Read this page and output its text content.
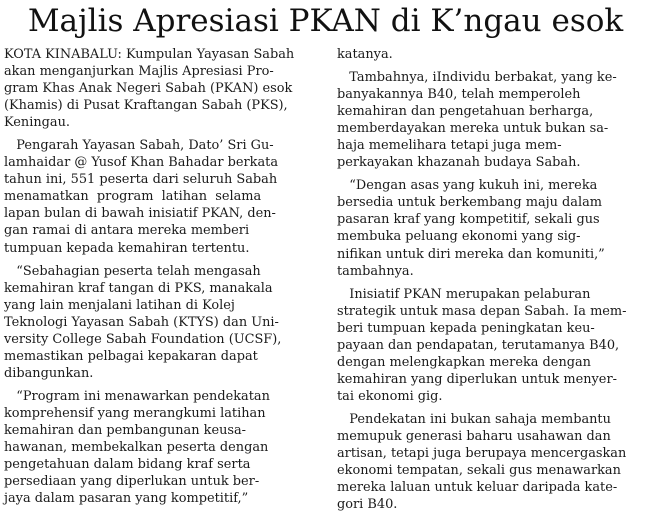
Majlis Apresiasi PKAN di K’ngau esok

KOTA KINABALU: Kumpulan Yayasan Sabah
akan menganjurkan Majlis Apresiasi Pro-
gram Khas Anak Negeri Sabah (PKAN) esok
(Khamis) di Pusat Kraftangan Sabah (PKS),
Keningau.

Pengarah Yayasan Sabah, Dato’ Sri Gu-
lamhaidar @ Yusof Khan Bahadar berkata
tahun ini, 551 peserta dari seluruh Sabah
menamatkan  program  latihan  selama
lapan bulan di bawah inisiatif PKAN, den-
gan ramai di antara mereka memberi
tumpuan kepada kemahiran tertentu.

“Sebahagian peserta telah mengasah
kemahiran kraf tangan di PKS, manakala
yang lain menjalani latihan di Kolej
Teknologi Yayasan Sabah (KTYS) dan Uni-
versity College Sabah Foundation (UCSF),
memastikan pelbagai kepakaran dapat
dibangunkan.

“Program ini menawarkan pendekatan
komprehensif yang merangkumi latihan
kemahiran dan pembangunan keusa-
hawanan, membekalkan peserta dengan
pengetahuan dalam bidang kraf serta
persediaan yang diperlukan untuk ber-
jaya dalam pasaran yang kompetitif,”

katanya.

Tambahnya, iIndividu berbakat, yang ke-
banyakannya B40, telah memperoleh
kemahiran dan pengetahuan berharga,
memberdayakan mereka untuk bukan sa-
haja memelihara tetapi juga mem-
perkayakan khazanah budaya Sabah.

“Dengan asas yang kukuh ini, mereka
bersedia untuk berkembang maju dalam
pasaran kraf yang kompetitif, sekali gus
membuka peluang ekonomi yang sig-
nifikan untuk diri mereka dan komuniti,”
tambahnya.

Inisiatif PKAN merupakan pelaburan
strategik untuk masa depan Sabah. Ia mem-
beri tumpuan kepada peningkatan keu-
payaan dan pendapatan, terutamanya B40,
dengan melengkapkan mereka dengan
kemahiran yang diperlukan untuk menyer-
tai ekonomi gig.

Pendekatan ini bukan sahaja membantu
memupuk generasi baharu usahawan dan
artisan, tetapi juga berupaya mencergaskan
ekonomi tempatan, sekali gus menawarkan
mereka laluan untuk keluar daripada kate-
gori B40.
